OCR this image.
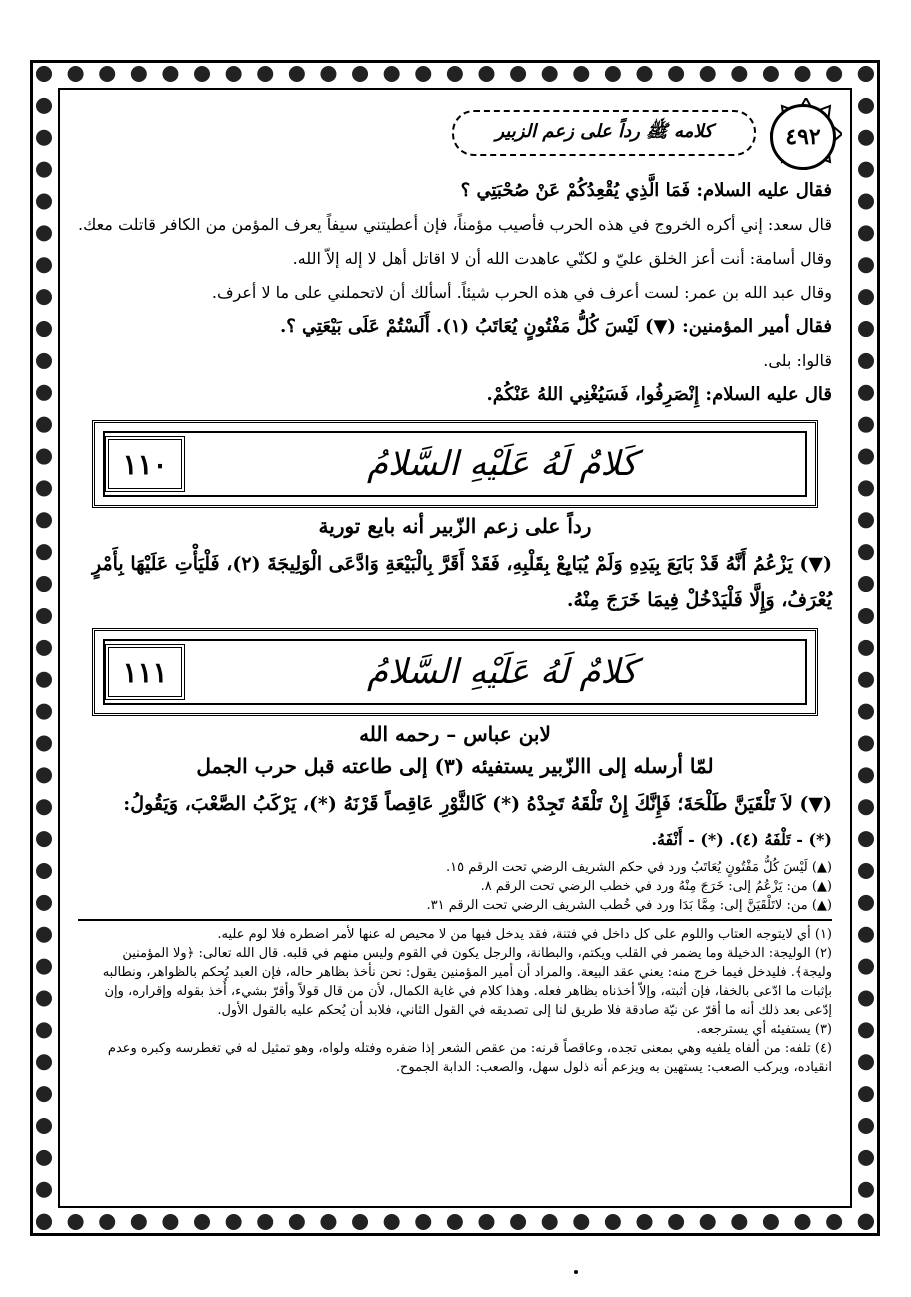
٤٩٢
كلامه ﷺ رداً على زعم الزبير

فقال عليه السلام: فَمَا الَّذِي يُقْعِدُكُمْ عَنْ صُحْبَتِي ؟

قال سعد: إني أكره الخروج في هذه الحرب فأصيب مؤمناً، فإن أعطيتني سيفاً يعرف المؤمن من الكافر قاتلت معك.

وقال أسامة: أنت أعز الخلق عليّ و لكنّي عاهدت الله أن لا اقاتل أهل لا إله إلاّ الله.

وقال عبد الله بن عمر: لست أعرف في هذه الحرب شيئاً. أسألك أن لاتحملني على ما لا أعرف.

فقال أمير المؤمنين: (▼) لَيْسَ كُلُّ مَفْتُونٍ يُعَاتَبُ (١). أَلَسْتُمْ عَلَى بَيْعَتِي ؟.

قالوا: بلى.

قال عليه السلام: إِنْصَرِفُوا، فَسَيُغْنِي اللهُ عَنْكُمْ.

كَلامٌ لَهُ عَلَيْهِ السَّلامُ
١١٠
رداً على زعم الزّبير أنه بايع تورية
(▼) يَزْعُمُ أَنَّهُ قَدْ بَايَعَ بِيَدِهِ وَلَمْ يُبَايِعْ بِقَلْبِهِ، فَقَدْ أَقَرَّ بِالْبَيْعَةِ وَادَّعَى الْوَلِيجَةَ (٢)، فَلْيَأْتِ عَلَيْهَا بِأَمْرٍ يُعْرَفُ، وَإِلَّا فَلْيَدْخُلْ فِيمَا خَرَجَ مِنْهُ.
كَلامٌ لَهُ عَلَيْهِ السَّلامُ
١١١
لابن عباس – رحمه الله
لمّا أرسله إلى االزّبير يستفيئه (٣) إلى طاعته قبل حرب الجمل
(▼) لاَ تَلْقَيَنَّ طَلْحَةَ؛ فَإِنَّكَ إِنْ تَلْقَهُ تَجِدْهُ (*) كَالثَّوْرِ عَاقِصاً قَرْنَهُ (*)، يَرْكَبُ الصَّعْبَ، وَيَقُولُ:
(*) - تَلْفَهُ (٤). (*) - أَنْفَهُ.

(▲) لَيْسَ كُلُّ مَفْتُونٍ يُعَاتَبُ ورد في حكم الشريف الرضي تحت الرقم ١٥.

(▲) من: يَزْعُمُ إلى: خَرَجَ مِنْهُ ورد في خطب الرضي تحت الرقم ٨.

(▲) من: لاتَلْقَيَنَّ إلى: مِمَّا بَدَا ورد في خُطب الشريف الرضي تحت الرقم ٣١.

(١) أي لايتوجه العتاب واللوم على كل داخل في فتنة، فقد يدخل فيها من لا محيص له عنها لأمر اضطره فلا لوم عليه.

(٢) الوليجة: الدخيلة وما يضمر في القلب ويكتم، والبطانة، والرجل يكون في القوم وليس منهم في قلبه. قال الله تعالى: ﴿ولا المؤمنين وليجة﴾. فليدخل فيما خرج منه: يعني عقد البيعة. والمراد أن أمير المؤمنين يقول: نحن نأخذ بظاهر حاله، فإن العبد يُحكم بالظواهر، ونطالبه بإثبات ما ادّعى بالخفا، فإن أثبته، وإلاّ أخذناه بظاهر فعله. وهذا كلام في غاية الكمال، لأن من قال قولاً وأقرّ بشيء، أُخذ بقوله وإقراره، وإن إدّعى بعد ذلك أنه ما أقرّ عن نيّة صادقة فلا طريق لنا إلى تصديقه في القول الثاني، فلابد أن يُحكم عليه بالقول الأول.

(٣) يستفيئه أي يسترجعه.

(٤) تلفه: من ألفاه يلفيه وهي بمعنى تجده، وعاقصاً قرنه: من عقص الشعر إذا ضفره وفتله ولواه، وهو تمثيل له في تغطرسه وكبره وعدم انقياده، ويركب الصعب: يستهين به ويزعم أنه ذلول سهل، والصعب: الدابة الجموح.
